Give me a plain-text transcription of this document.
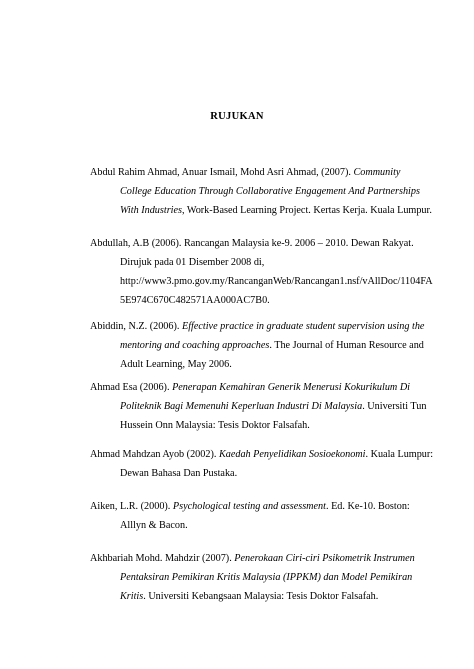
RUJUKAN
Abdul Rahim Ahmad, Anuar Ismail, Mohd Asri Ahmad, (2007). Community
College Education Through Collaborative Engagement And Partnerships
With Industries, Work-Based Learning Project. Kertas Kerja. Kuala Lumpur.
Abdullah, A.B (2006). Rancangan Malaysia ke-9. 2006 – 2010. Dewan Rakyat.
Dirujuk pada 01 Disember 2008 di,
http://www3.pmo.gov.my/RancanganWeb/Rancangan1.nsf/vAllDoc/1104FA
5E974C670C482571AA000AC7B0.
Abiddin, N.Z. (2006). Effective practice in graduate student supervision using the
mentoring and coaching approaches. The Journal of Human Resource and
Adult Learning, May 2006.
Ahmad Esa (2006). Penerapan Kemahiran Generik Menerusi Kokurikulum Di
Politeknik Bagi Memenuhi Keperluan Industri Di Malaysia. Universiti Tun
Hussein Onn Malaysia: Tesis Doktor Falsafah.
Ahmad Mahdzan Ayob (2002). Kaedah Penyelidikan Sosioekonomi. Kuala Lumpur:
Dewan Bahasa Dan Pustaka.
Aiken, L.R. (2000). Psychological testing and assessment. Ed. Ke-10. Boston:
Alllyn & Bacon.
Akhbariah Mohd. Mahdzir (2007). Penerokaan Ciri-ciri Psikometrik Instrumen
Pentaksiran Pemikiran Kritis Malaysia (IPPKM) dan Model Pemikiran
Kritis. Universiti Kebangsaan Malaysia: Tesis Doktor Falsafah.
